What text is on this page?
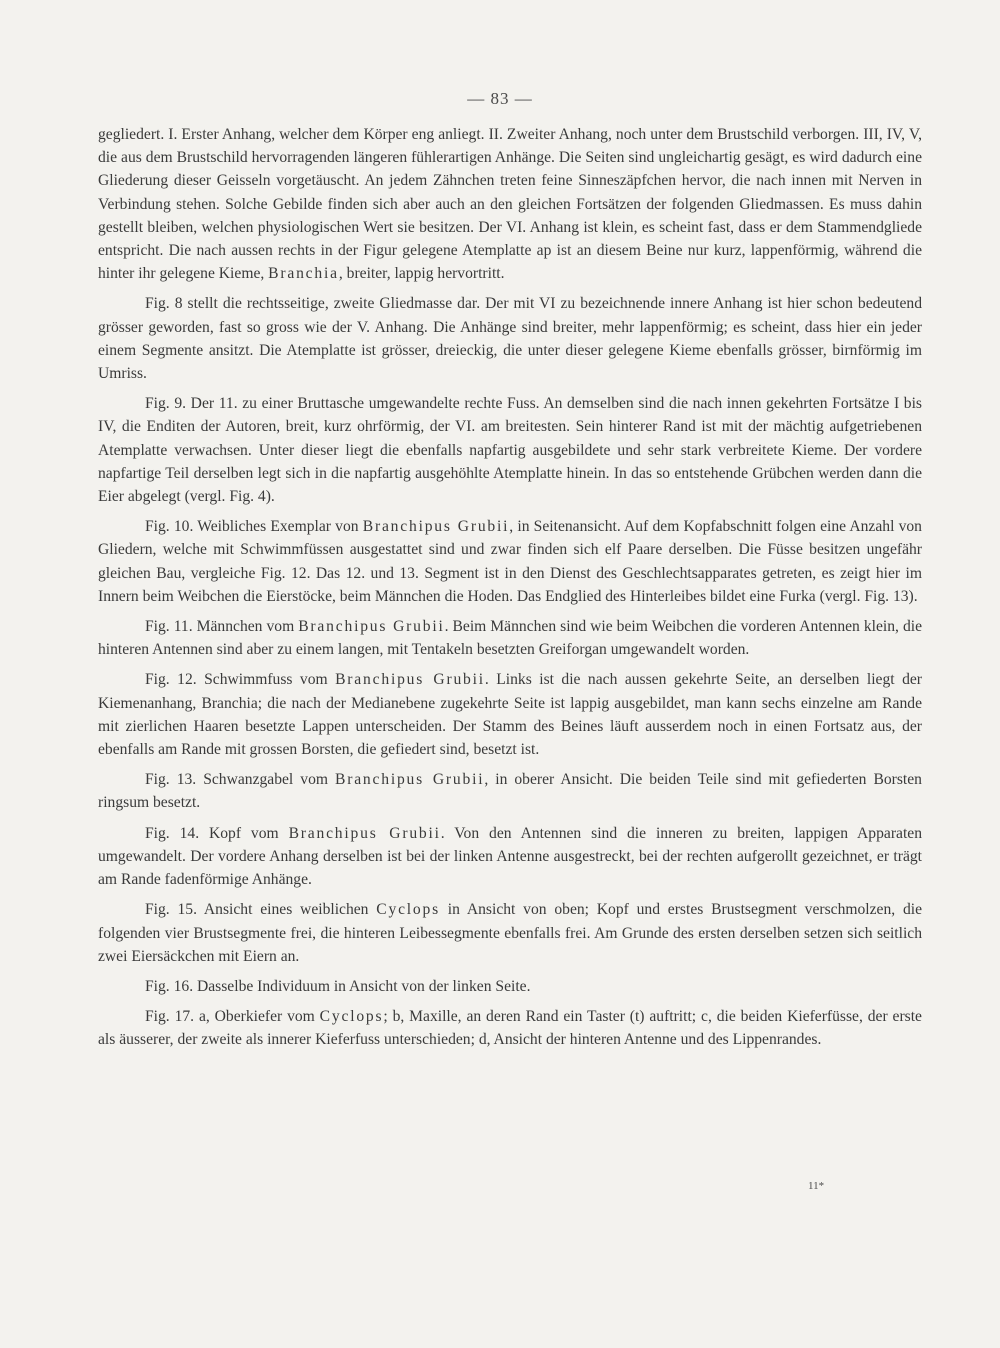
— 83 —

gegliedert. I. Erster Anhang, welcher dem Körper eng anliegt. II. Zweiter Anhang, noch unter dem Brustschild verborgen. III, IV, V, die aus dem Brustschild hervorragenden längeren fühlerartigen Anhänge. Die Seiten sind ungleichartig gesägt, es wird dadurch eine Gliederung dieser Geisseln vorgetäuscht. An jedem Zähnchen treten feine Sinneszäpfchen hervor, die nach innen mit Nerven in Verbindung stehen. Solche Gebilde finden sich aber auch an den gleichen Fortsätzen der folgenden Gliedmassen. Es muss dahin gestellt bleiben, welchen physiologischen Wert sie besitzen. Der VI. Anhang ist klein, es scheint fast, dass er dem Stammendgliede entspricht. Die nach aussen rechts in der Figur gelegene Atemplatte ap ist an diesem Beine nur kurz, lappenförmig, während die hinter ihr gelegene Kieme, Branchia, breiter, lappig hervortritt.

Fig. 8 stellt die rechtsseitige, zweite Gliedmasse dar. Der mit VI zu bezeichnende innere Anhang ist hier schon bedeutend grösser geworden, fast so gross wie der V. Anhang. Die Anhänge sind breiter, mehr lappenförmig; es scheint, dass hier ein jeder einem Segmente ansitzt. Die Atemplatte ist grösser, dreieckig, die unter dieser gelegene Kieme ebenfalls grösser, birnförmig im Umriss.

Fig. 9. Der 11. zu einer Bruttasche umgewandelte rechte Fuss. An demselben sind die nach innen gekehrten Fortsätze I bis IV, die Enditen der Autoren, breit, kurz ohrförmig, der VI. am breitesten. Sein hinterer Rand ist mit der mächtig aufgetriebenen Atemplatte verwachsen. Unter dieser liegt die ebenfalls napfartig ausgebildete und sehr stark verbreitete Kieme. Der vordere napfartige Teil derselben legt sich in die napfartig ausgehöhlte Atemplatte hinein. In das so entstehende Grübchen werden dann die Eier abgelegt (vergl. Fig. 4).

Fig. 10. Weibliches Exemplar von Branchipus Grubii, in Seitenansicht. Auf dem Kopfabschnitt folgen eine Anzahl von Gliedern, welche mit Schwimmfüssen ausgestattet sind und zwar finden sich elf Paare derselben. Die Füsse besitzen ungefähr gleichen Bau, vergleiche Fig. 12. Das 12. und 13. Segment ist in den Dienst des Geschlechtsapparates getreten, es zeigt hier im Innern beim Weibchen die Eierstöcke, beim Männchen die Hoden. Das Endglied des Hinterleibes bildet eine Furka (vergl. Fig. 13).

Fig. 11. Männchen vom Branchipus Grubii. Beim Männchen sind wie beim Weibchen die vorderen Antennen klein, die hinteren Antennen sind aber zu einem langen, mit Tentakeln besetzten Greiforgan umgewandelt worden.

Fig. 12. Schwimmfuss vom Branchipus Grubii. Links ist die nach aussen gekehrte Seite, an derselben liegt der Kiemenanhang, Branchia; die nach der Medianebene zugekehrte Seite ist lappig ausgebildet, man kann sechs einzelne am Rande mit zierlichen Haaren besetzte Lappen unterscheiden. Der Stamm des Beines läuft ausserdem noch in einen Fortsatz aus, der ebenfalls am Rande mit grossen Borsten, die gefiedert sind, besetzt ist.

Fig. 13. Schwanzgabel vom Branchipus Grubii, in oberer Ansicht. Die beiden Teile sind mit gefiederten Borsten ringsum besetzt.

Fig. 14. Kopf vom Branchipus Grubii. Von den Antennen sind die inneren zu breiten, lappigen Apparaten umgewandelt. Der vordere Anhang derselben ist bei der linken Antenne ausgestreckt, bei der rechten aufgerollt gezeichnet, er trägt am Rande fadenförmige Anhänge.

Fig. 15. Ansicht eines weiblichen Cyclops in Ansicht von oben; Kopf und erstes Brustsegment verschmolzen, die folgenden vier Brustsegmente frei, die hinteren Leibessegmente ebenfalls frei. Am Grunde des ersten derselben setzen sich seitlich zwei Eiersäckchen mit Eiern an.

Fig. 16. Dasselbe Individuum in Ansicht von der linken Seite.

Fig. 17. a, Oberkiefer vom Cyclops; b, Maxille, an deren Rand ein Taster (t) auftritt; c, die beiden Kieferfüsse, der erste als äusserer, der zweite als innerer Kieferfuss unterschieden; d, Ansicht der hinteren Antenne und des Lippenrandes.

11*
